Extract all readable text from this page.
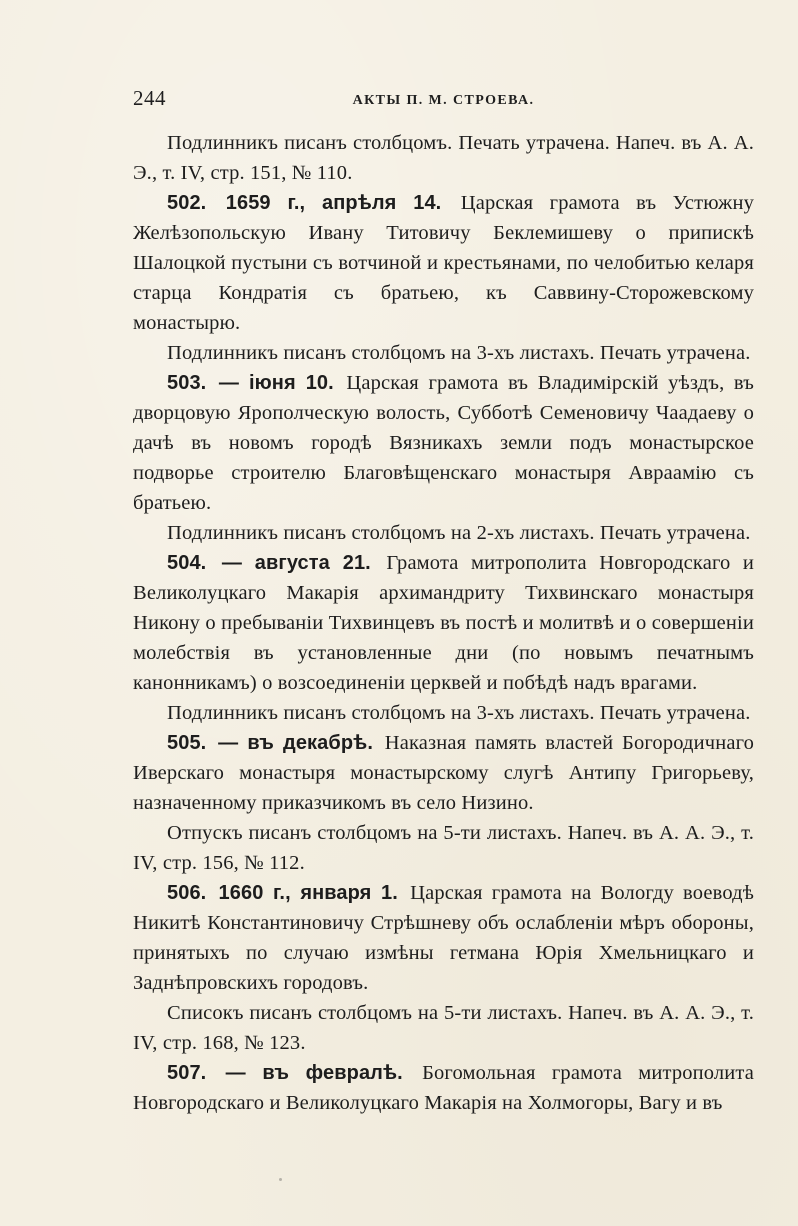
244	АКТЫ П. М. СТРОЕВА.

Подлинникъ писанъ столбцомъ. Печать утрачена. Напеч. въ А. А. Э., т. IV, стр. 151, № 110.

502. 1659 г., апрѣля 14. Царская грамота въ Устюжну Желѣзопольскую Ивану Титовичу Беклемишеву о припискѣ Шалоцкой пустыни съ вотчиной и крестьянами, по челобитью келаря старца Кондратія съ братьею, къ Саввину-Сторожевскому монастырю.

Подлинникъ писанъ столбцомъ на 3-хъ листахъ. Печать утрачена.

503. — іюня 10. Царская грамота въ Владимірскій уѣздъ, въ дворцовую Ярополческую волость, Субботѣ Семеновичу Чаадаеву о дачѣ въ новомъ городѣ Вязникахъ земли подъ монастырское подворье строителю Благовѣщенскаго монастыря Авраамію съ братьею.

Подлинникъ писанъ столбцомъ на 2-хъ листахъ. Печать утрачена.

504. — августа 21. Грамота митрополита Новгородскаго и Великолуцкаго Макарія архимандриту Тихвинскаго монастыря Никону о пребываніи Тихвинцевъ въ постѣ и молитвѣ и о совершеніи молебствія въ установленные дни (по новымъ печатнымъ канонникамъ) о возсоединеніи церквей и побѣдѣ надъ врагами.

Подлинникъ писанъ столбцомъ на 3-хъ листахъ. Печать утрачена.

505. — въ декабрѣ. Наказная память властей Богородичнаго Иверскаго монастыря монастырскому слугѣ Антипу Григорьеву, назначенному приказчикомъ въ село Низино.

Отпускъ писанъ столбцомъ на 5-ти листахъ. Напеч. въ А. А. Э., т. IV, стр. 156, № 112.

506. 1660 г., января 1. Царская грамота на Вологду воеводѣ Никитѣ Константиновичу Стрѣшневу объ ослабленіи мѣръ обороны, принятыхъ по случаю измѣны гетмана Юрія Хмельницкаго и Заднѣпровскихъ городовъ.

Списокъ писанъ столбцомъ на 5-ти листахъ. Напеч. въ А. А. Э., т. IV, стр. 168, № 123.

507. — въ февралѣ. Богомольная грамота митрополита Новгородскаго и Великолуцкаго Макарія на Холмогоры, Вагу и въ
